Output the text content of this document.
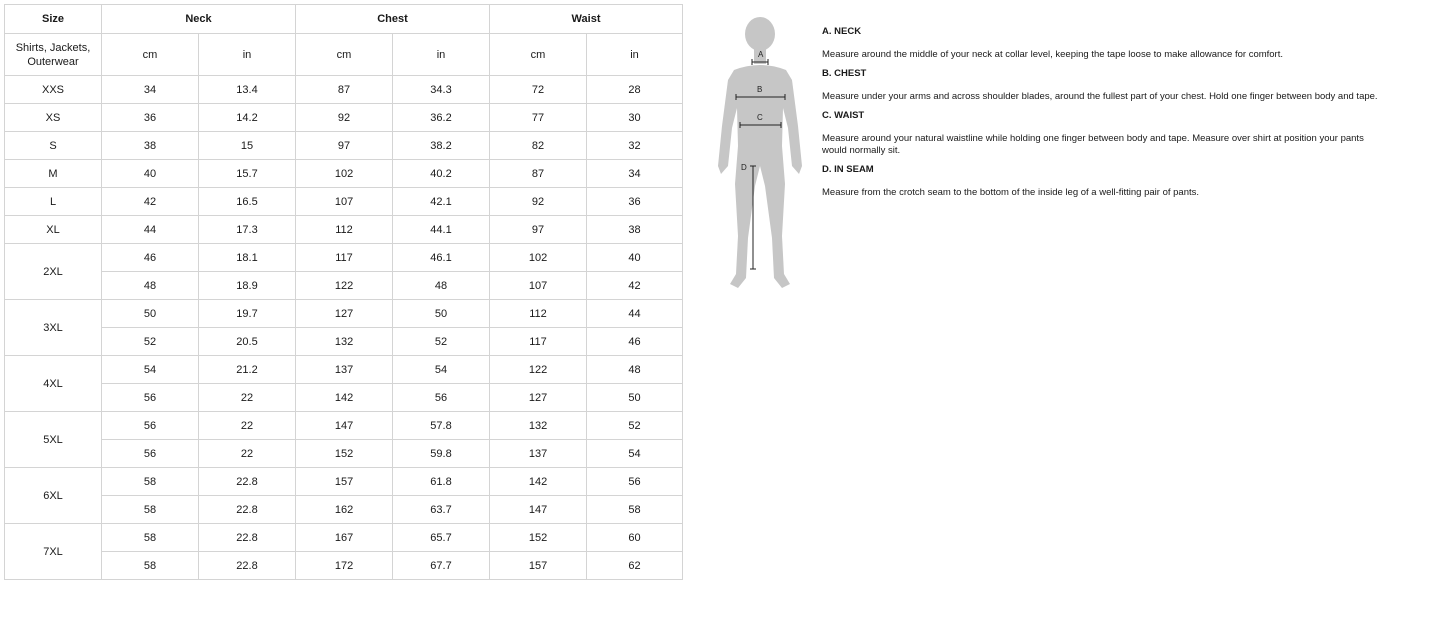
Size	Neck		Chest		Waist	
Shirts, Jackets,
Outerwear	cm	in	cm	in	cm	in
XXS	34	13.4	87	34.3	72	28
XS	36	14.2	92	36.2	77	30
S	38	15	97	38.2	82	32
M	40	15.7	102	40.2	87	34
L	42	16.5	107	42.1	92	36
XL	44	17.3	112	44.1	97	38
2XL	46	18.1	117	46.1	102	40
	48	18.9	122	48	107	42
3XL	50	19.7	127	50	112	44
	52	20.5	132	52	117	46
4XL	54	21.2	137	54	122	48
	56	22	142	56	127	50
5XL	56	22	147	57.8	132	52
	56	22	152	59.8	137	54
6XL	58	22.8	157	61.8	142	56
	58	22.8	162	63.7	147	58
7XL	58	22.8	167	65.7	152	60
	58	22.8	172	67.7	157	62
A
B
C
D

A. NECK

Measure around the middle of your neck at collar level, keeping the tape loose to make allowance for comfort.

B. CHEST

Measure under your arms and across shoulder blades, around the fullest part of your chest. Hold one finger between body and tape.

C. WAIST

Measure around your natural waistline while holding one finger between body and tape. Measure over shirt at position your pants would normally sit.

D. IN SEAM

Measure from the crotch seam to the bottom of the inside leg of a well-fitting pair of pants.
